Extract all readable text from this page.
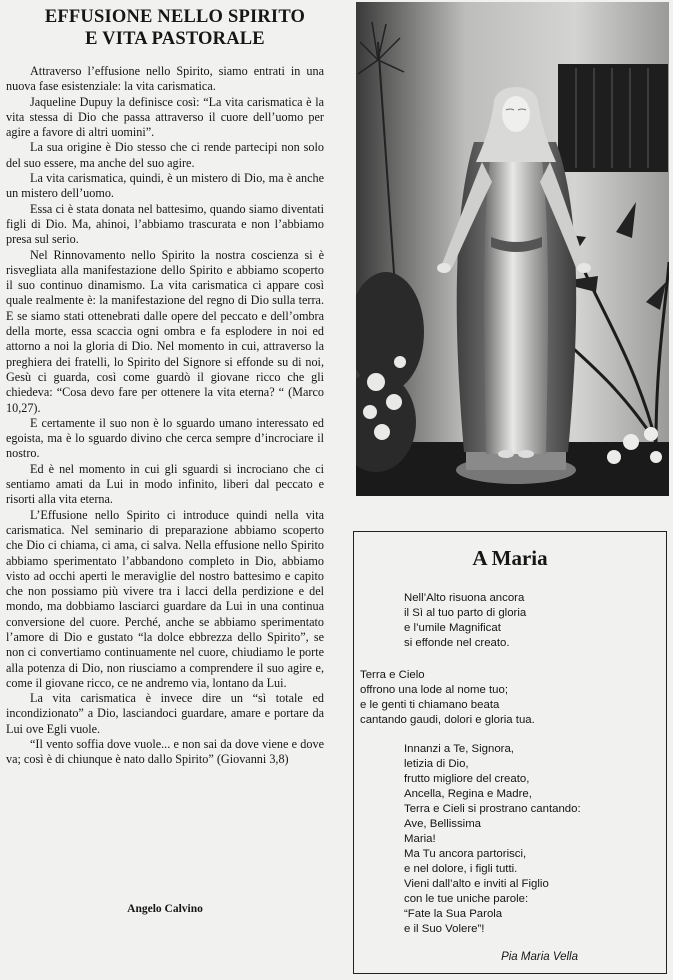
EFFUSIONE NELLO SPIRITO
E VITA PASTORALE

Attraverso l’effusione nello Spirito, siamo entrati in una nuova fase esistenziale: la vita carismatica.

Jaqueline Dupuy la definisce così: “La vita carismatica è la vita stessa di Dio che passa attraverso il cuore dell’uomo per agire a favore di altri uomini”.

La sua origine è Dio stesso che ci rende partecipi non solo del suo essere, ma anche del suo agire.

La vita carismatica, quindi, è un mistero di Dio, ma è anche un mistero dell’uomo.

Essa ci è stata donata nel battesimo, quando siamo diventati figli di Dio. Ma, ahinoi, l’abbiamo trascurata e non l’abbiamo presa sul serio.

Nel Rinnovamento nello Spirito la nostra coscienza si è risvegliata alla manifestazione dello Spirito e abbiamo scoperto il suo continuo dinamismo. La vita carismatica ci appare così quale realmente è: la manifestazione del regno di Dio sulla terra. E se siamo stati ottenebrati dalle opere del peccato e dell’ombra della morte, essa scaccia ogni ombra e fa esplodere in noi ed attorno a noi la gloria di Dio. Nel momento in cui, attraverso la preghiera dei fratelli, lo Spirito del Signore si effonde su di noi, Gesù ci guarda, così come guardò il giovane ricco che gli chiedeva: “Cosa devo fare per ottenere la vita eterna? “ (Marco 10,27).

E certamente il suo non è lo sguardo umano interessato ed egoista, ma è lo sguardo divino che cerca sempre d’incrociare il nostro.

Ed è nel momento in cui gli sguardi si incrociano che ci sentiamo amati da Lui in modo infinito, liberi dal peccato e risorti alla vita eterna.

L’Effusione nello Spirito ci introduce quindi nella vita carismatica. Nel seminario di preparazione abbiamo scoperto che Dio ci chiama, ci ama, ci salva. Nella effusione nello Spirito abbiamo sperimentato l’abbandono completo in Dio, abbiamo visto ad occhi aperti le meraviglie del nostro battesimo e capito che non possiamo più vivere tra i lacci della perdizione e del mondo, ma dobbiamo lasciarci guardare da Lui in una continua conversione del cuore. Perché, anche se abbiamo sperimentato l’amore di Dio e gustato “la dolce ebbrezza dello Spirito”, se non ci convertiamo continuamente nel cuore, chiudiamo le porte alla potenza di Dio, non riusciamo a comprendere il suo agire e, come il giovane ricco, ce ne andremo via, lontano da Lui.

La vita carismatica è invece dire un “sì totale ed incondizionato” a Dio, lasciandoci guardare, amare e portare da Lui ove Egli vuole.

“Il vento soffia dove vuole... e non sai da dove viene e dove va; così è di chiunque è nato dallo Spirito” (Giovanni 3,8)

Angelo Calvino
A Maria
Nell’Alto risuona ancora
il Sì al tuo parto di gloria
e l’umile Magnificat
si effonde nel creato.
Terra e Cielo
offrono una lode al nome tuo;
e le genti ti chiamano beata
cantando gaudi, dolori e gloria tua.
Innanzi a Te, Signora,
letizia di Dio,
frutto migliore del creato,
Ancella, Regina e Madre,
Terra e Cieli si prostrano cantando:
Ave, Bellissima
Maria!
Ma Tu ancora partorisci,
e nel dolore, i figli tutti.
Vieni dall’alto e inviti al Figlio
con le tue uniche parole:
“Fate la Sua Parola
e il Suo Volere”!
Pia Maria Vella
